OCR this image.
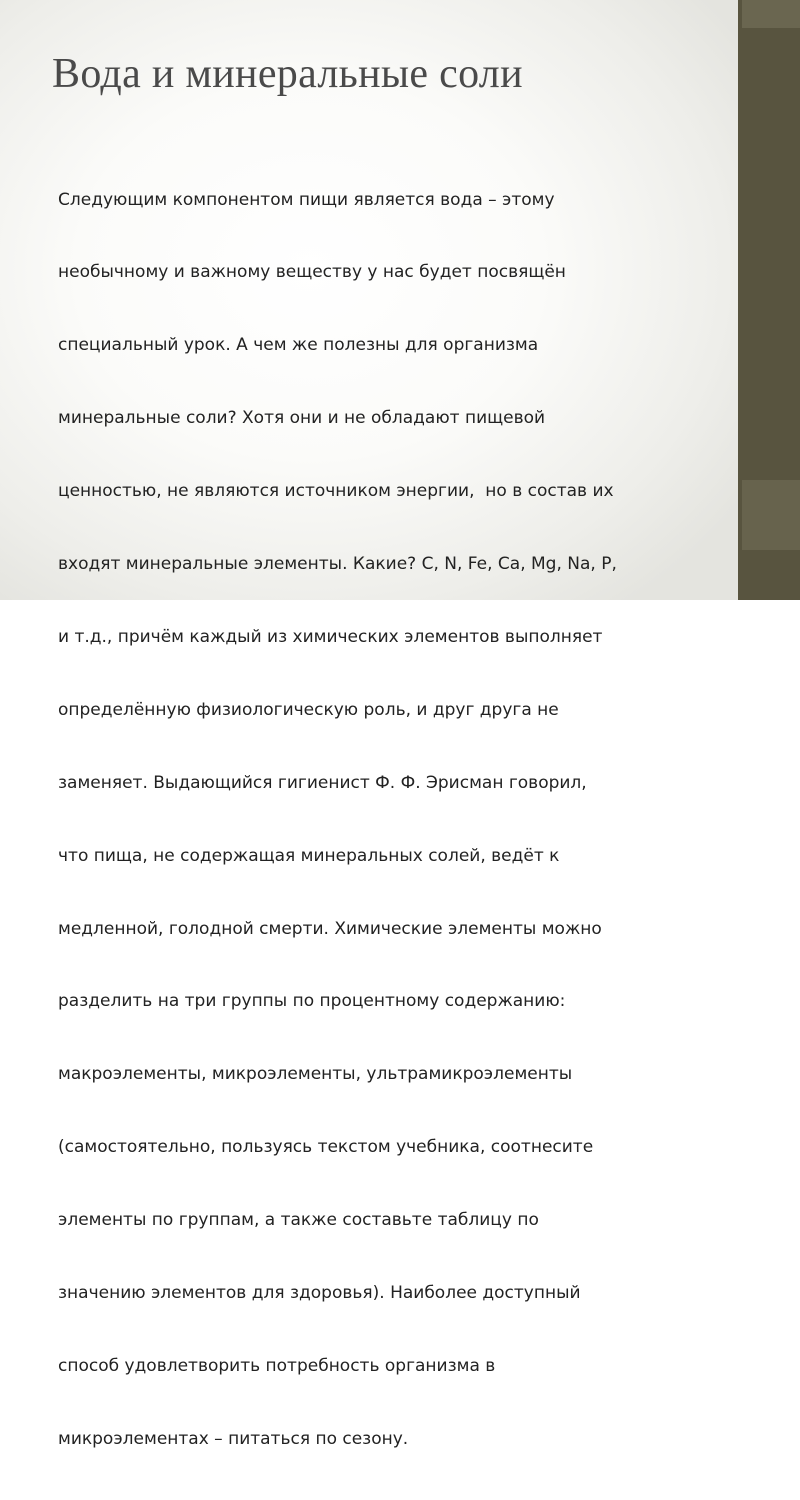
Вода и минеральные соли

Следующим компонентом пищи является вода – этому

необычному и важному веществу у нас будет посвящён

специальный урок. А чем же полезны для организма

минеральные соли? Хотя они и не обладают пищевой

ценностью, не являются источником энергии,  но в состав их

входят минеральные элементы. Какие? C, N, Fe, Ca, Mg, Na, P,

и т.д., причём каждый из химических элементов выполняет

определённую физиологическую роль, и друг друга не

заменяет. Выдающийся гигиенист Ф. Ф. Эрисман говорил,

что пища, не содержащая минеральных солей, ведёт к

медленной, голодной смерти. Химические элементы можно

разделить на три группы по процентному содержанию:

макроэлементы, микроэлементы, ультрамикроэлементы

(самостоятельно, пользуясь текстом учебника, соотнесите

элементы по группам, а также составьте таблицу по

значению элементов для здоровья). Наиболее доступный

способ удовлетворить потребность организма в

микроэлементах – питаться по сезону.
